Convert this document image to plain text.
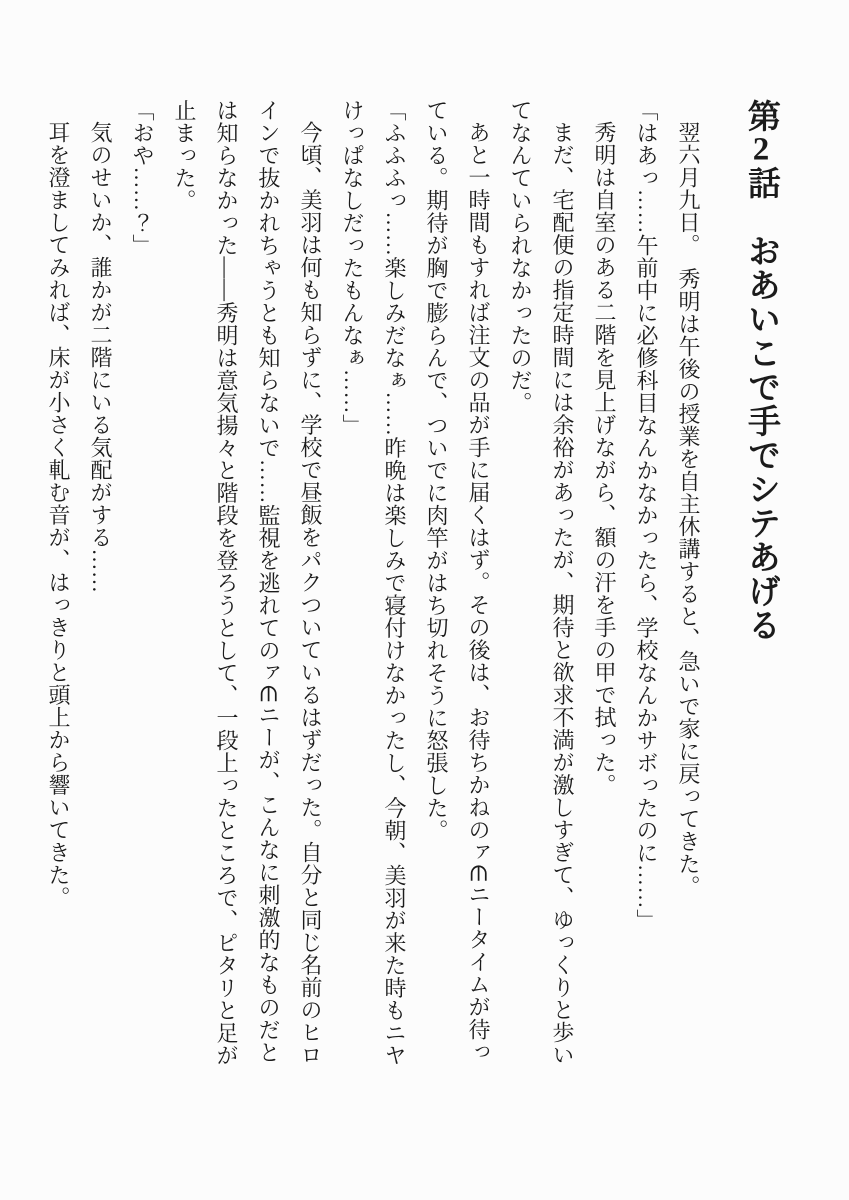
第2話　おあいこで手でシテあげる

翌六月九日。　秀明は午後の授業を自主休講すると、急いで家に戻ってきた。

「はあっ……午前中に必修科目なんかなかったら、学校なんかサボったのに……」

秀明は自室のある二階を見上げながら、額の汗を手の甲で拭った。

まだ、宅配便の指定時間には余裕があったが、期待と欲求不満が激しすぎて、ゆっくりと歩いてなんていられなかったのだ。

あと一時間もすれば注文の品が手に届くはず。その後は、お待ちかねのァ∈ニータイムが待っている。期待が胸で膨らんで、ついでに肉竿がはち切れそうに怒張した。

「ふふふっ……楽しみだなぁ……昨晩は楽しみで寝付けなかったし、今朝、美羽が来た時もニヤけっぱなしだったもんなぁ……」

今頃、美羽は何も知らずに、学校で昼飯をパクついているはずだった。自分と同じ名前のヒロインで抜かれちゃうとも知らないで……監視を逃れてのァ∈ニーが、こんなに刺激的なものだとは知らなかった——秀明は意気揚々と階段を登ろうとして、一段上ったところで、ピタリと足が止まった。

「おや……？」

気のせいか、誰かが二階にいる気配がする……

耳を澄ましてみれば、床が小さく軋む音が、はっきりと頭上から響いてきた。
